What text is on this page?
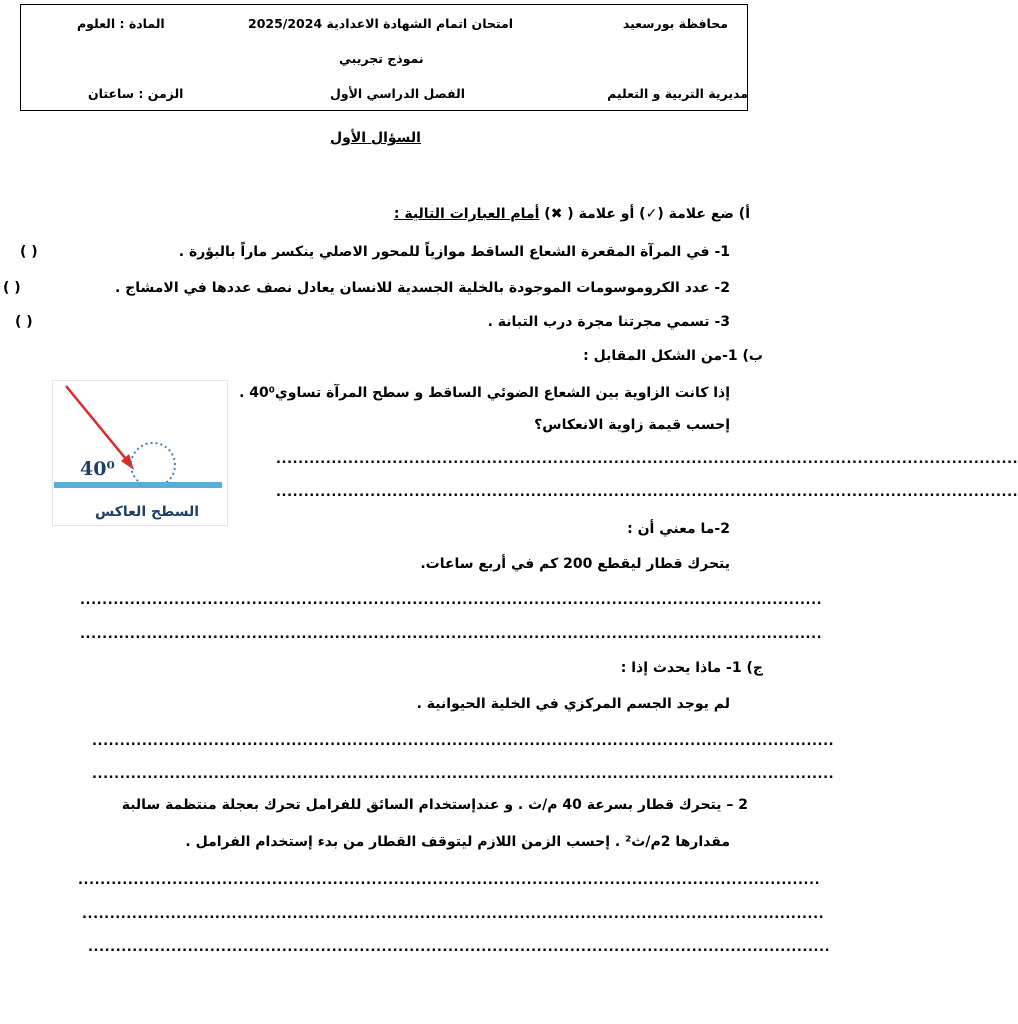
محافظة بورسعيد
امتحان اتمام الشهادة الاعدادية 2025/2024
المادة : العلوم
نموذج تجريبي
مديرية التربية و التعليم
الفصل الدراسي الأول
الزمن : ساعتان
السؤال الأول
أ) ضع علامة (✓) أو علامة ( ✖) أمام العبارات التالية :
1- في المرآة المقعرة الشعاع الساقط موازياً للمحور الاصلي ينكسر ماراً بالبؤرة .
( )
2- عدد الكروموسومات الموجودة بالخلية الجسدية للانسان يعادل نصف عددها في الامشاج .
( )
3- تسمي مجرتنا مجرة درب التبانة .
( )
ب) 1-من الشكل المقابل :
إذا كانت الزاوية بين الشعاع الضوئي الساقط و سطح المرآة تساوي40⁰ .
إحسب قيمة زاوية الانعكاس؟
40⁰
السطح العاكس
......................................................................................................................................
......................................................................................................................................
2-ما معني أن :
يتحرك قطار ليقطع 200 كم في أربع ساعات.
......................................................................................................................................
......................................................................................................................................
ج) 1- ماذا يحدث إذا :
لم يوجد الجسم المركزي في الخلية الحيوانية .
......................................................................................................................................
......................................................................................................................................
2 – يتحرك قطار بسرعة 40 م/ث . و عندإستخدام السائق للفرامل تحرك بعجلة منتظمة سالبة
مقدارها 2م/ث² . إحسب الزمن اللازم ليتوقف القطار من بدء إستخدام الفرامل .
......................................................................................................................................
......................................................................................................................................
......................................................................................................................................
